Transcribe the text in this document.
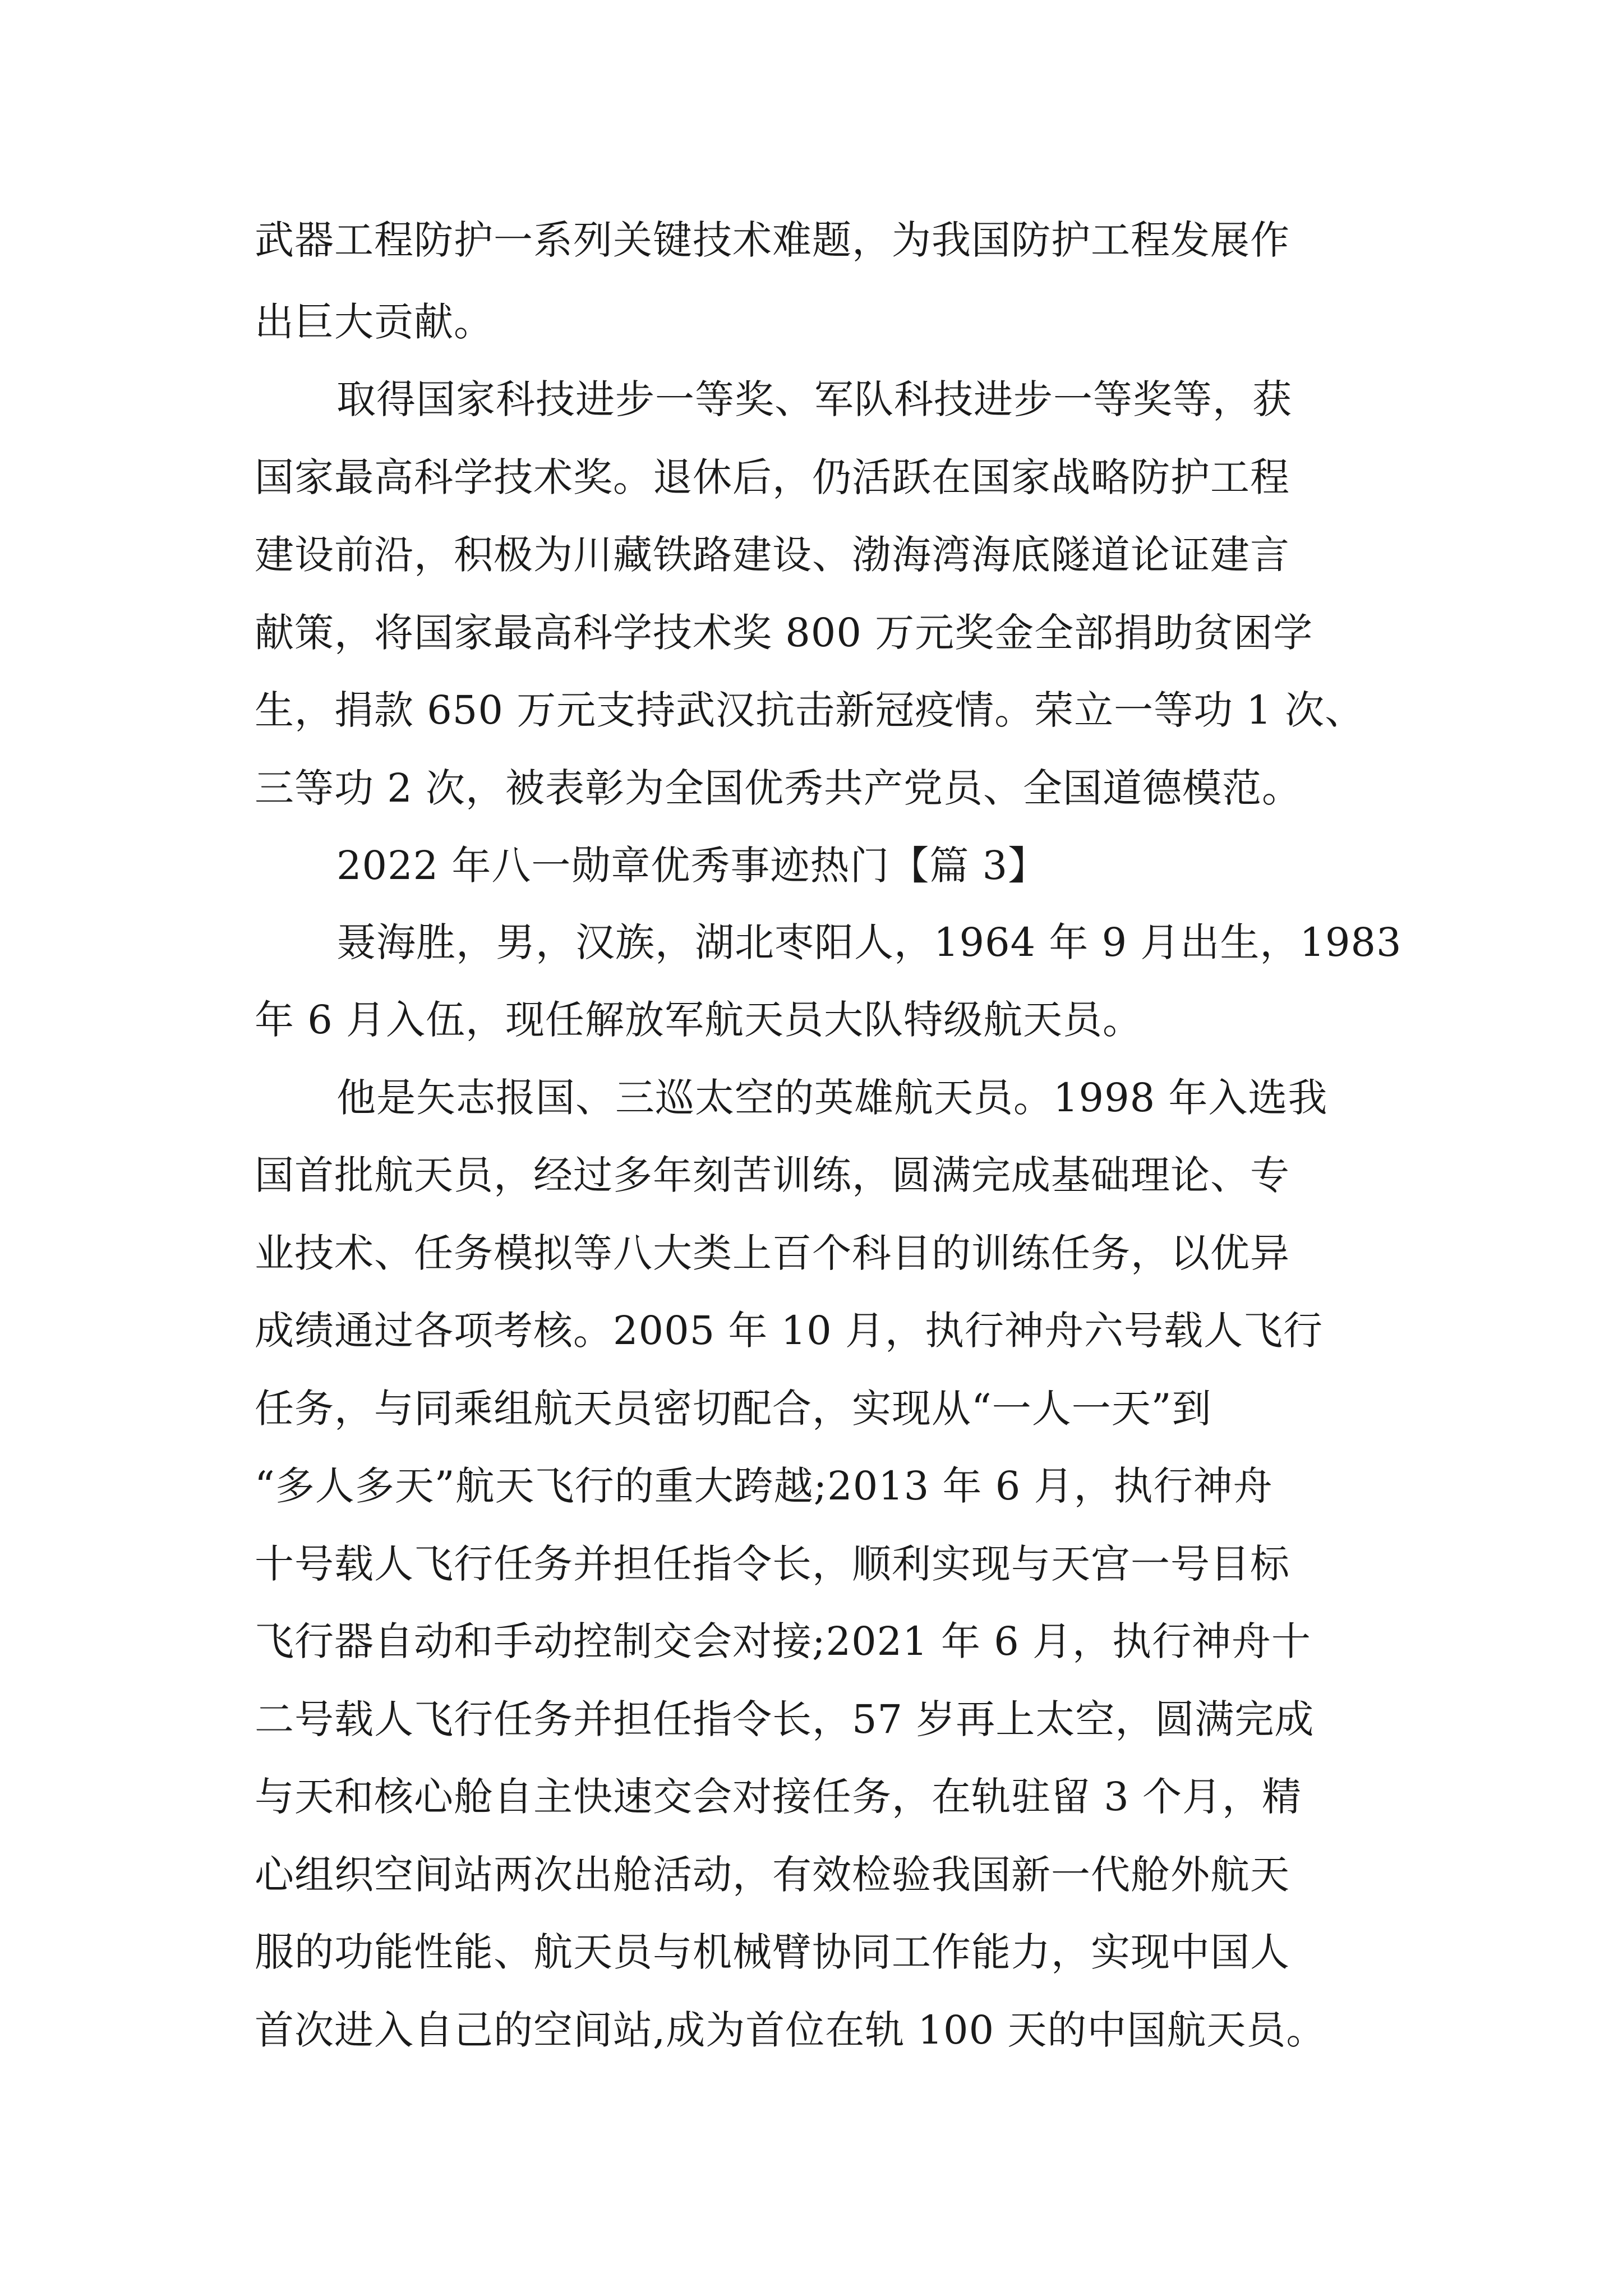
武器工程防护一系列关键技术难题，为我国防护工程发展作
出巨大贡献。
取得国家科技进步一等奖、军队科技进步一等奖等，获
国家最高科学技术奖。退休后，仍活跃在国家战略防护工程
建设前沿，积极为川藏铁路建设、渤海湾海底隧道论证建言
献策，将国家最高科学技术奖 800 万元奖金全部捐助贫困学
生，捐款 650 万元支持武汉抗击新冠疫情。荣立一等功 1 次、
三等功 2 次，被表彰为全国优秀共产党员、全国道德模范。
2022 年八一勋章优秀事迹热门【篇 3】
聂海胜，男，汉族，湖北枣阳人，1964 年 9 月出生，1983
年 6 月入伍，现任解放军航天员大队特级航天员。
他是矢志报国、三巡太空的英雄航天员。1998 年入选我
国首批航天员，经过多年刻苦训练，圆满完成基础理论、专
业技术、任务模拟等八大类上百个科目的训练任务，以优异
成绩通过各项考核。2005 年 10 月，执行神舟六号载人飞行
任务，与同乘组航天员密切配合，实现从“一人一天”到
“多人多天”航天飞行的重大跨越;2013 年 6 月，执行神舟
十号载人飞行任务并担任指令长，顺利实现与天宫一号目标
飞行器自动和手动控制交会对接;2021 年 6 月，执行神舟十
二号载人飞行任务并担任指令长，57 岁再上太空，圆满完成
与天和核心舱自主快速交会对接任务，在轨驻留 3 个月，精
心组织空间站两次出舱活动，有效检验我国新一代舱外航天
服的功能性能、航天员与机械臂协同工作能力，实现中国人
首次进入自己的空间站,成为首位在轨 100 天的中国航天员。
